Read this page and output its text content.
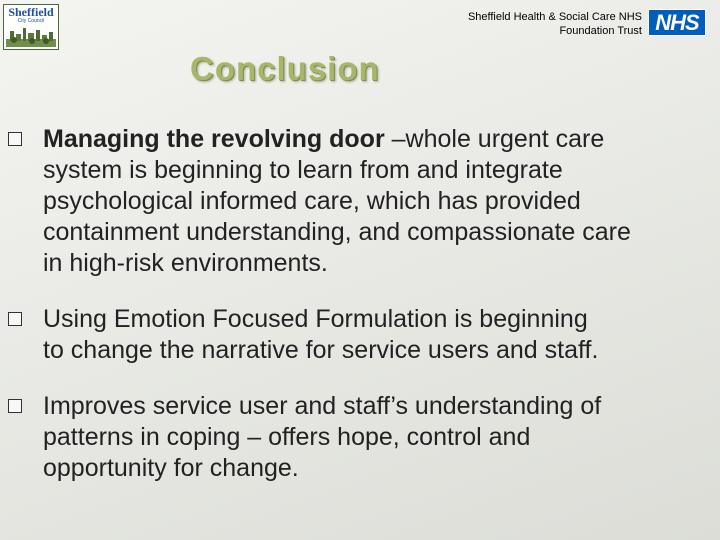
Sheffield
City Council	Sheffield Health & Social Care NHS
Foundation Trust NHS
Conclusion
Managing the revolving door –whole urgent care
system is beginning to learn from and integrate
psychological informed care, which has provided
containment understanding, and compassionate care
in high-risk environments.
Using Emotion Focused Formulation is beginning
to change the narrative for service users and staff.
Improves service user and staff’s understanding of
patterns in coping – offers hope, control and
opportunity for change.
